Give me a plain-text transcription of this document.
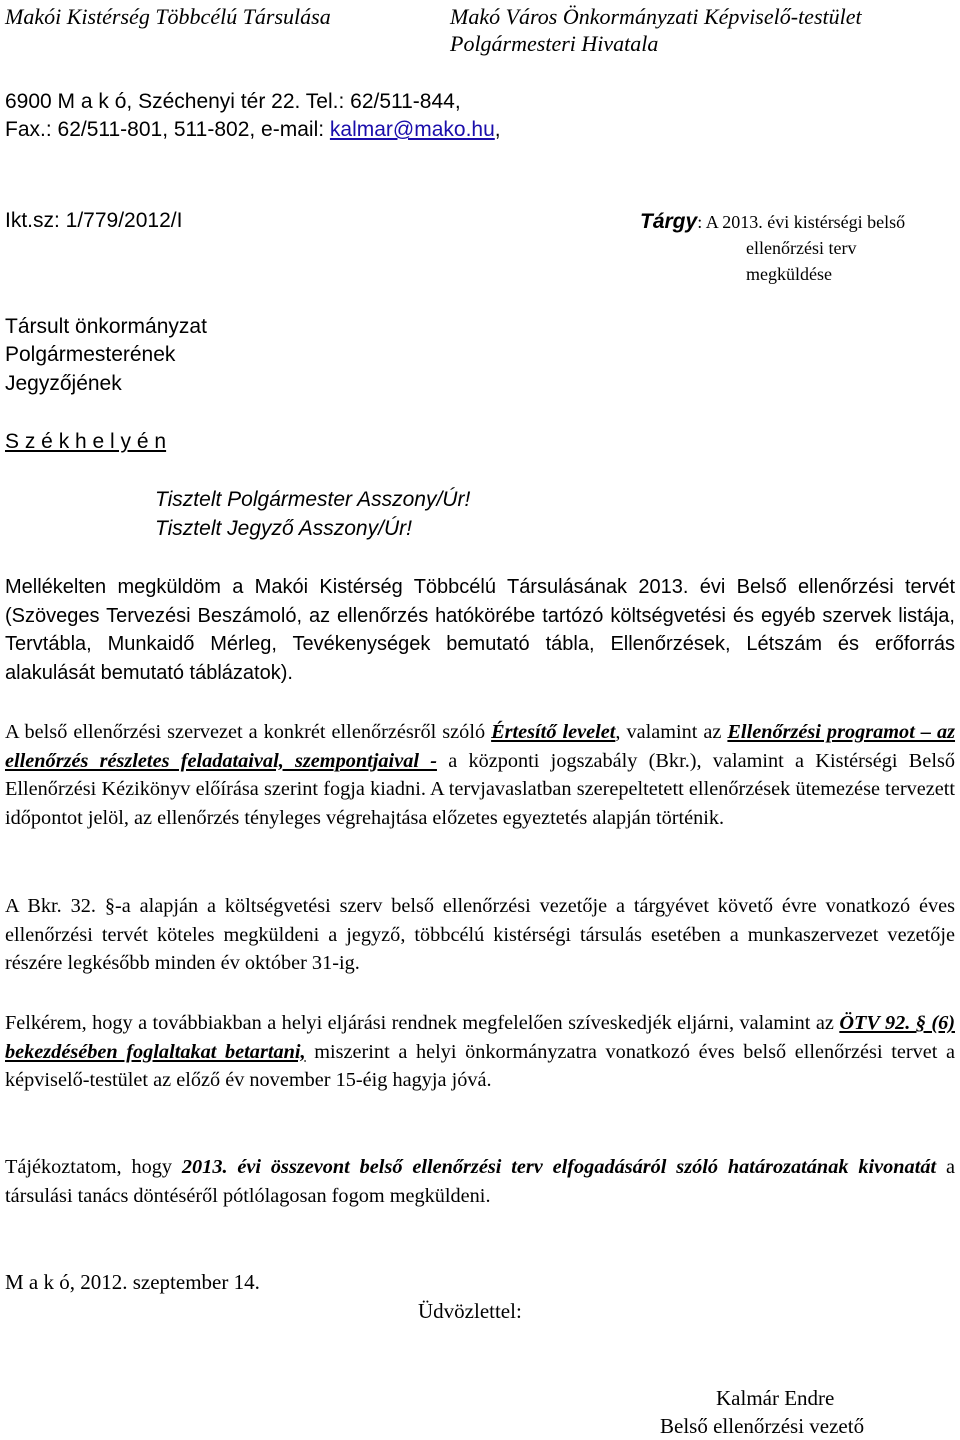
Makói Kistérség Többcélú Társulása	Makó Város Önkormányzati Képviselő-testület
Polgármesteri Hivatala
6900 M a k ó, Széchenyi tér 22. Tel.: 62/511-844,
Fax.: 62/511-801, 511-802, e-mail: kalmar@mako.hu,
Ikt.sz: 1/779/2012/I	Tárgy: A 2013. évi kistérségi belső
ellenőrzési terv
megküldése
Társult önkormányzat
Polgármesterének
Jegyzőjének
S z é k h e l y é n
Tisztelt Polgármester Asszony/Úr!
Tisztelt Jegyző Asszony/Úr!
Mellékelten megküldöm a Makói Kistérség Többcélú Társulásának 2013. évi Belső ellenőrzési tervét (Szöveges Tervezési Beszámoló, az ellenőrzés hatókörébe tartózó költségvetési és egyéb szervek listája, Tervtábla, Munkaidő Mérleg, Tevékenységek bemutató tábla, Ellenőrzések, Létszám és erőforrás alakulását bemutató táblázatok).
A belső ellenőrzési szervezet a konkrét ellenőrzésről szóló Értesítő levelet, valamint az Ellenőrzési programot – az ellenőrzés részletes feladataival, szempontjaival - a központi jogszabály (Bkr.), valamint a Kistérségi Belső Ellenőrzési Kézikönyv előírása szerint fogja kiadni. A tervjavaslatban szerepeltetett ellenőrzések ütemezése tervezett időpontot jelöl, az ellenőrzés tényleges végrehajtása előzetes egyeztetés alapján történik.
A Bkr. 32. §-a alapján a költségvetési szerv belső ellenőrzési vezetője a tárgyévet követő évre vonatkozó éves ellenőrzési tervét köteles megküldeni a jegyző, többcélú kistérségi társulás esetében a munkaszervezet vezetője részére legkésőbb minden év október 31-ig.
Felkérem, hogy a továbbiakban a helyi eljárási rendnek megfelelően szíveskedjék eljárni, valamint az ÖTV 92. § (6) bekezdésében foglaltakat betartani, miszerint a helyi önkormányzatra vonatkozó éves belső ellenőrzési tervet a képviselő-testület az előző év november 15-éig hagyja jóvá.
Tájékoztatom, hogy 2013. évi összevont belső ellenőrzési terv elfogadásáról szóló határozatának kivonatát a társulási tanács döntéséről pótlólagosan fogom megküldeni.
M a k ó, 2012. szeptember 14.
Üdvözlettel:
Kalmár Endre
Belső ellenőrzési vezető
